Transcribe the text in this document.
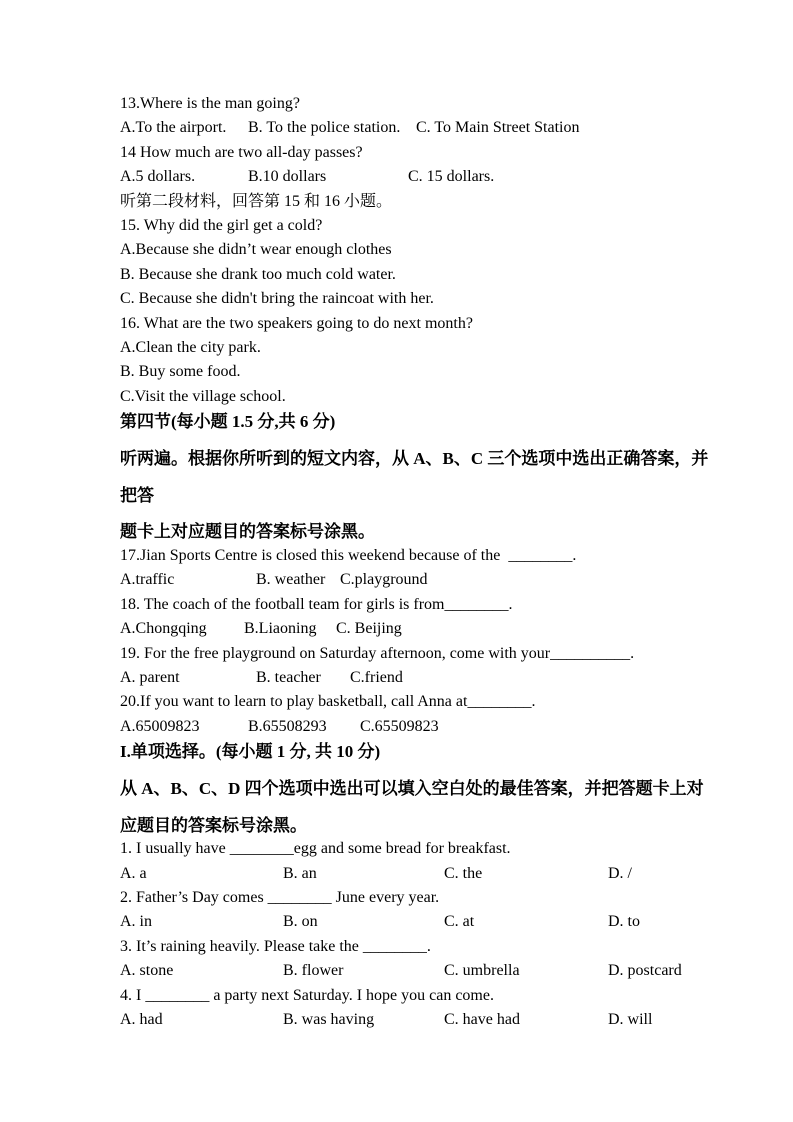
13.Where is the man going?
A.To the airport. B. To the police station. C. To Main Street Station
14 How much are two all-day passes?
A.5 dollars.	B.10 dollars	C. 15 dollars.
听第二段材料，回答第 15 和 16 小题。
15. Why did the girl get a cold?
A.Because she didn’t wear enough clothes
B. Because she drank too much cold water.
C. Because she didn't bring the raincoat with her.
16. What are the two speakers going to do next month?
A.Clean the city park.
B. Buy some food.
C.Visit the village school.
第四节(每小题 1.5 分,共 6 分)
听两遍。根据你所听到的短文内容，从 A、B、C 三个选项中选出正确答案，并
把答
题卡上对应题目的答案标号涂黑。
17.Jian Sports Centre is closed this weekend because of the  ________.
A.traffic	B. weather C.playground
18. The coach of the football team for girls is from________.
A.Chongqing B.Liaoning C. Beijing
19. For the free playground on Saturday afternoon, come with your__________.
A. parent	B. teacher C.friend
20.If you want to learn to play basketball, call Anna at________.
A.65009823	B.65508293 C.65509823
I.单项选择。(每小题 1 分, 共 10 分)
从 A、B、C、D 四个选项中选出可以填入空白处的最佳答案，并把答题卡上对
应题目的答案标号涂黑。
1. I usually have ________egg and some bread for breakfast.
A. a	B. an	C. the	D. /
2. Father’s Day comes ________ June every year.
A. in	B. on	C. at	D. to
3. It’s raining heavily. Please take the ________.
A. stone	B. flower	C. umbrella	D. postcard
4. I ________ a party next Saturday. I hope you can come.
A. had	B. was having	C. have had	D. will
